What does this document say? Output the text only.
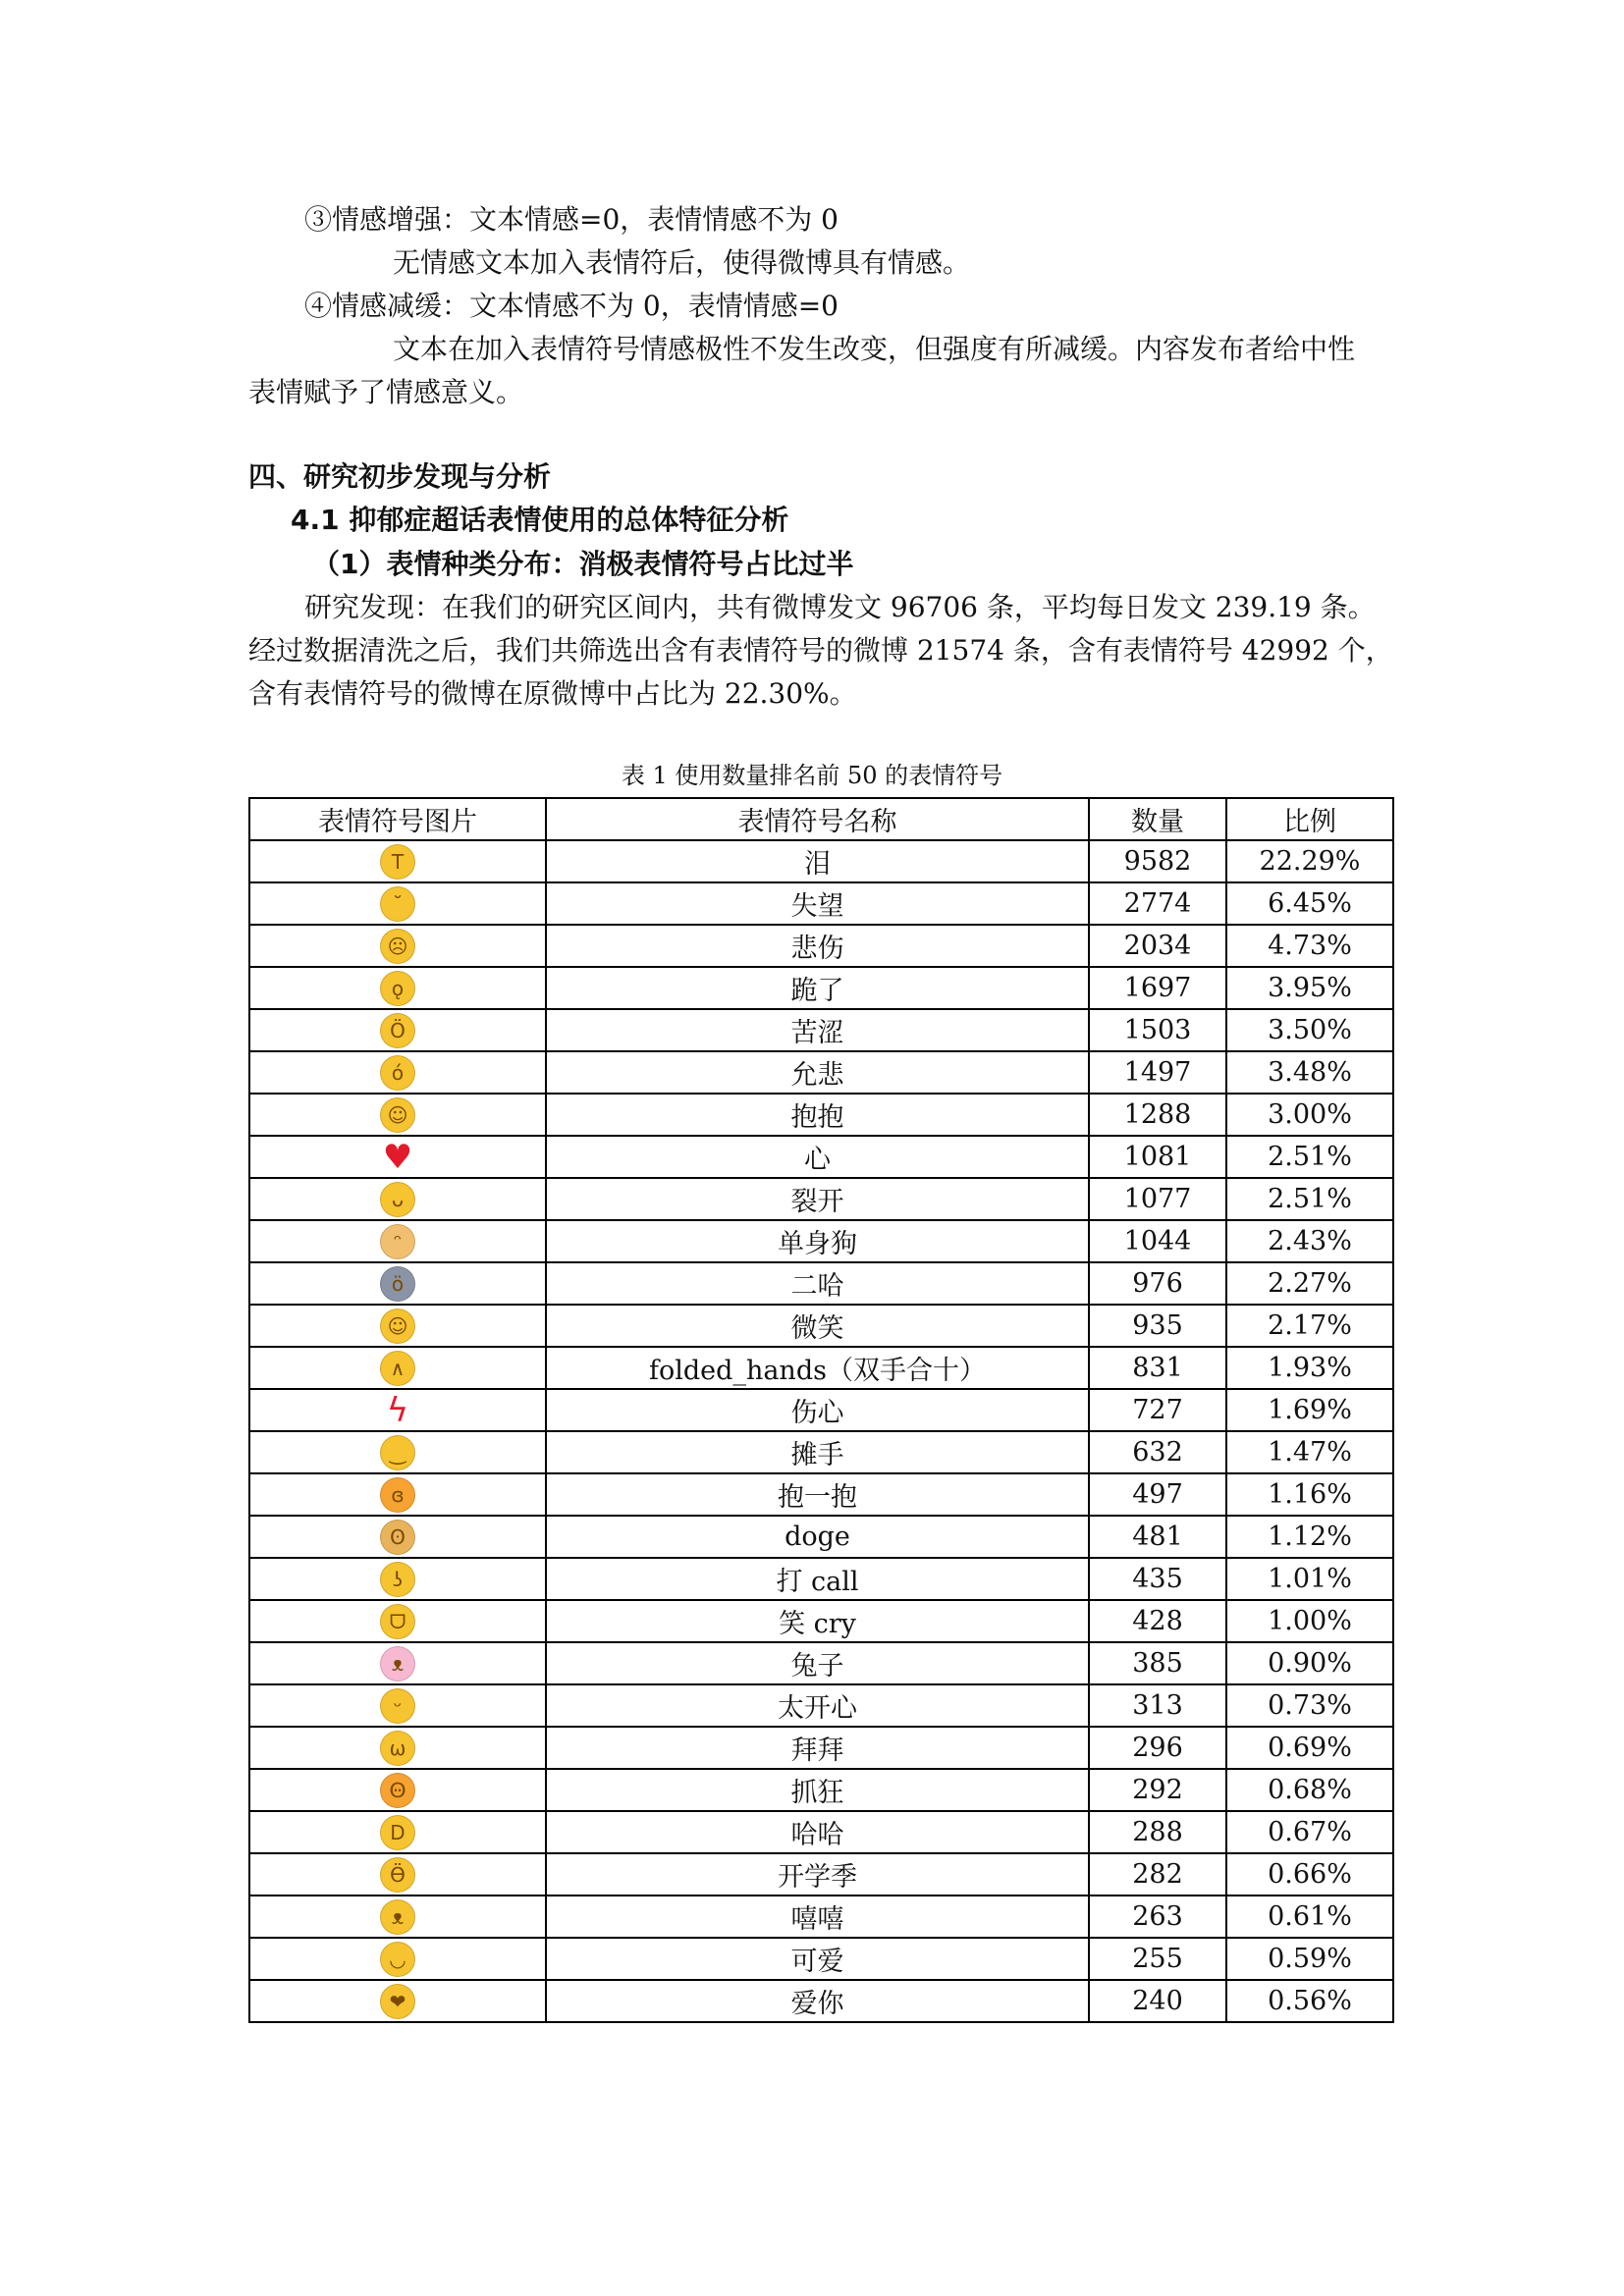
③情感增强：文本情感=0，表情情感不为 0
无情感文本加入表情符后，使得微博具有情感。
④情感减缓：文本情感不为 0，表情情感=0
文本在加入表情符号情感极性不发生改变，但强度有所减缓。内容发布者给中性
表情赋予了情感意义。
四、研究初步发现与分析
4.1 抑郁症超话表情使用的总体特征分析
（1）表情种类分布：消极表情符号占比过半
研究发现：在我们的研究区间内，共有微博发文 96706 条，平均每日发文 239.19 条。
经过数据清洗之后，我们共筛选出含有表情符号的微博 21574 条，含有表情符号 42992 个，
含有表情符号的微博在原微博中占比为 22.30%。
表 1 使用数量排名前 50 的表情符号
表情符号图片	表情符号名称	数量	比例
T	泪	9582	22.29%
˘	失望	2774	6.45%
☹	悲伤	2034	4.73%
ǫ	跪了	1697	3.95%
Ӧ	苦涩	1503	3.50%
ó	允悲	1497	3.48%
☺	抱抱	1288	3.00%
♥	心	1081	2.51%
ᴗ	裂开	1077	2.51%
ᵔ	单身狗	1044	2.43%
ö	二哈	976	2.27%
☺	微笑	935	2.17%
∧	folded_hands（双手合十）	831	1.93%
ϟ	伤心	727	1.69%
‿	摊手	632	1.47%
ɞ	抱一抱	497	1.16%
ʘ	doge	481	1.12%
ʖ	打 call	435	1.01%
ᗜ	笑 cry	428	1.00%
ᴥ	兔子	385	0.90%
ᵕ	太开心	313	0.73%
ω	拜拜	296	0.69%
Ꙫ	抓狂	292	0.68%
D	哈哈	288	0.67%
Ӫ	开学季	282	0.66%
ᴥ	嘻嘻	263	0.61%
◡	可爱	255	0.59%
❤	爱你	240	0.56%
